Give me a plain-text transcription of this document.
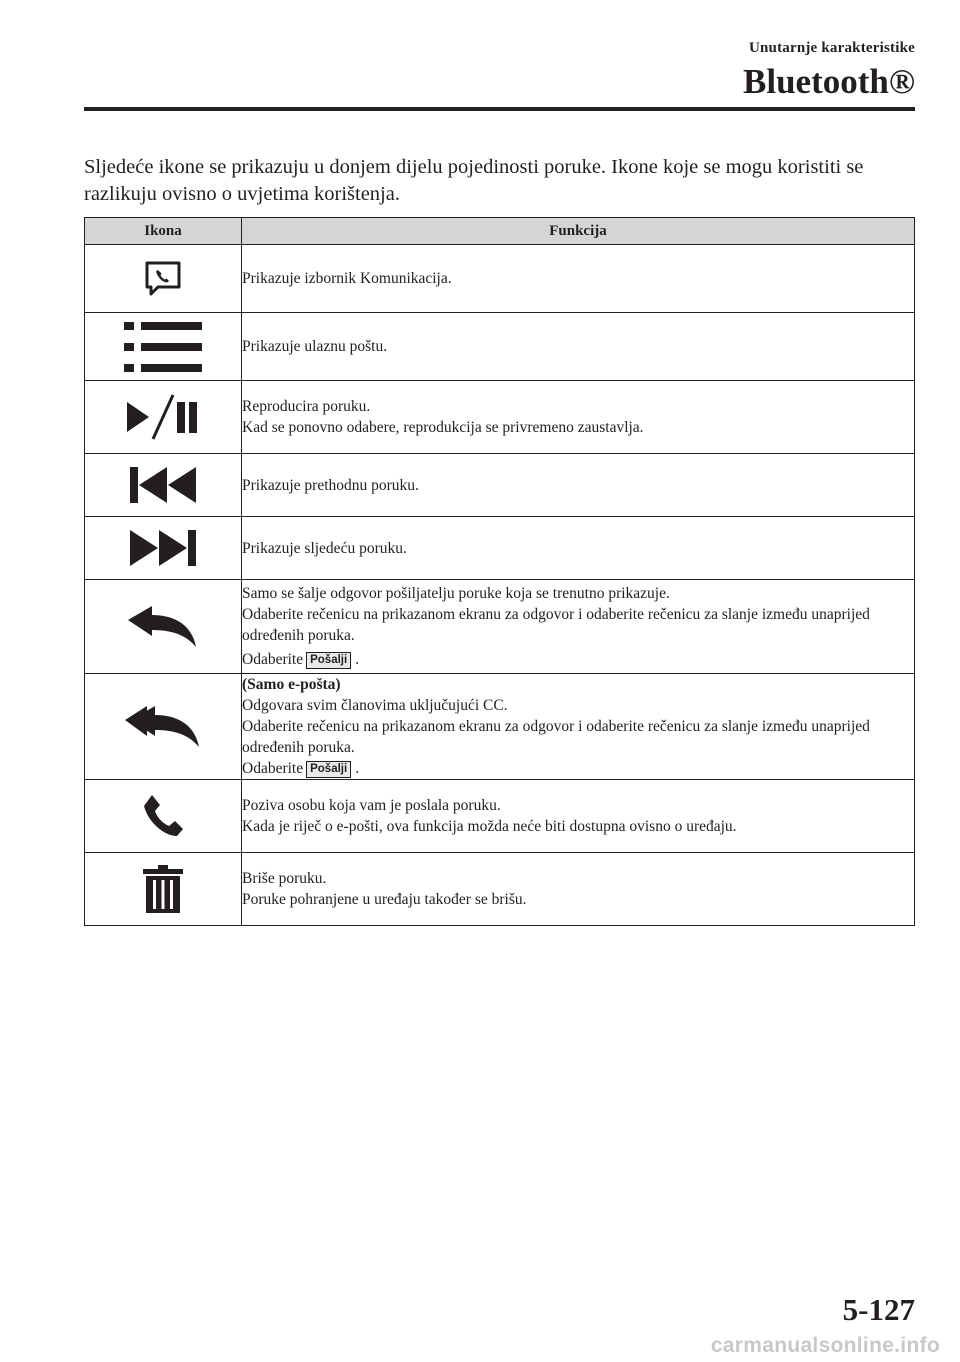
Unutarnje karakteristike
Bluetooth®
Sljedeće ikone se prikazuju u donjem dijelu pojedinosti poruke. Ikone koje se mogu koristiti se razlikuju ovisno o uvjetima korištenja.
Ikona	Funkcija

Prikazuje izbornik Komunikacija.

Prikazuje ulaznu poštu.

Reproducira poruku.
Kad se ponovno odabere, reprodukcija se privremeno zaustavlja.

Prikazuje prethodnu poruku.

Prikazuje sljedeću poruku.

Samo se šalje odgovor pošiljatelju poruke koja se trenutno prikazuje.
Odaberite rečenicu na prikazanom ekranu za odgovor i odaberite rečenicu za slanje između unaprijed određenih poruka.
Odaberite Pošalji .

(Samo e-pošta)
Odgovara svim članovima uključujući CC.
Odaberite rečenicu na prikazanom ekranu za odgovor i odaberite rečenicu za slanje između unaprijed određenih poruka.
Odaberite Pošalji .

Poziva osobu koja vam je poslala poruku.
Kada je riječ o e-pošti, ova funkcija možda neće biti dostupna ovisno o uređaju.

Briše poruku.
Poruke pohranjene u uređaju također se brišu.
5-127
carmanualsonline.info
